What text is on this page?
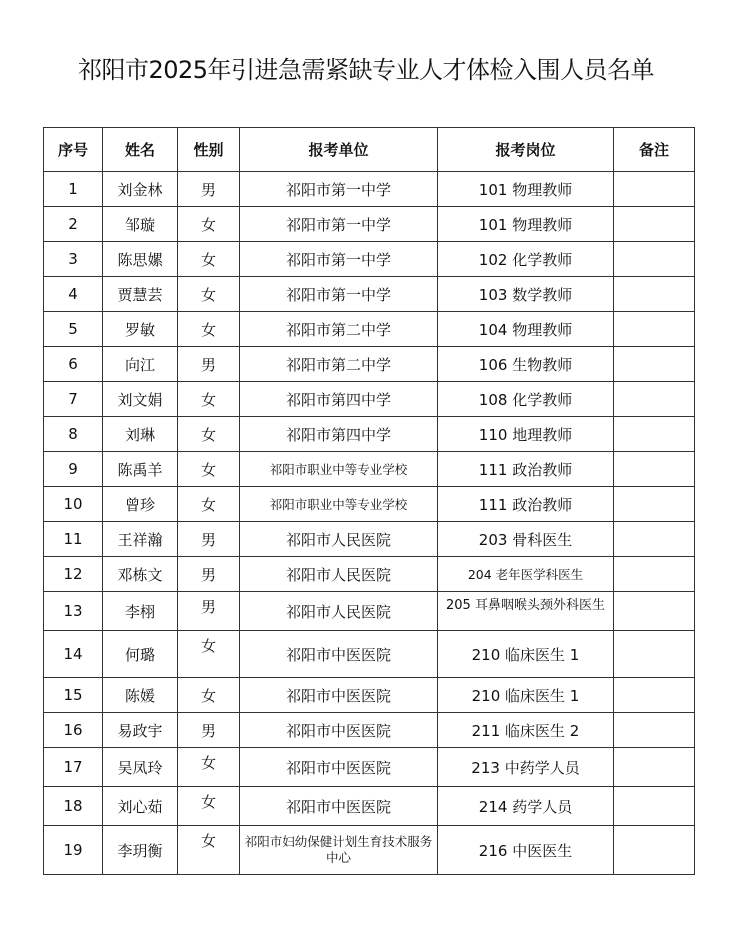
祁阳市2025年引进急需紧缺专业人才体检入围人员名单
序号	姓名	性别	报考单位	报考岗位	备注
1	刘金林	男	祁阳市第一中学	101 物理教师	
2	邹璇	女	祁阳市第一中学	101 物理教师	
3	陈思嫘	女	祁阳市第一中学	102 化学教师	
4	贾慧芸	女	祁阳市第一中学	103 数学教师	
5	罗敏	女	祁阳市第二中学	104 物理教师	
6	向江	男	祁阳市第二中学	106 生物教师	
7	刘文娟	女	祁阳市第四中学	108 化学教师	
8	刘琳	女	祁阳市第四中学	110 地理教师	
9	陈禹羊	女	祁阳市职业中等专业学校	111 政治教师	
10	曾珍	女	祁阳市职业中等专业学校	111 政治教师	
11	王祥瀚	男	祁阳市人民医院	203 骨科医生	
12	邓栋文	男	祁阳市人民医院	204 老年医学科医生	
13	李栩	男	祁阳市人民医院	205 耳鼻咽喉头颈外科医生	

14	何璐	女	祁阳市中医医院	210 临床医生 1	
15	陈媛	女	祁阳市中医医院	210 临床医生 1	
16	易政宇	男	祁阳市中医医院	211 临床医生 2	
17	吴凤玲	女	祁阳市中医医院	213 中药学人员	
18	刘心茹	女	祁阳市中医医院	214 药学人员	
19	李玥衡	女	祁阳市妇幼保健计划生育技术服务中心	216 中医医生	
